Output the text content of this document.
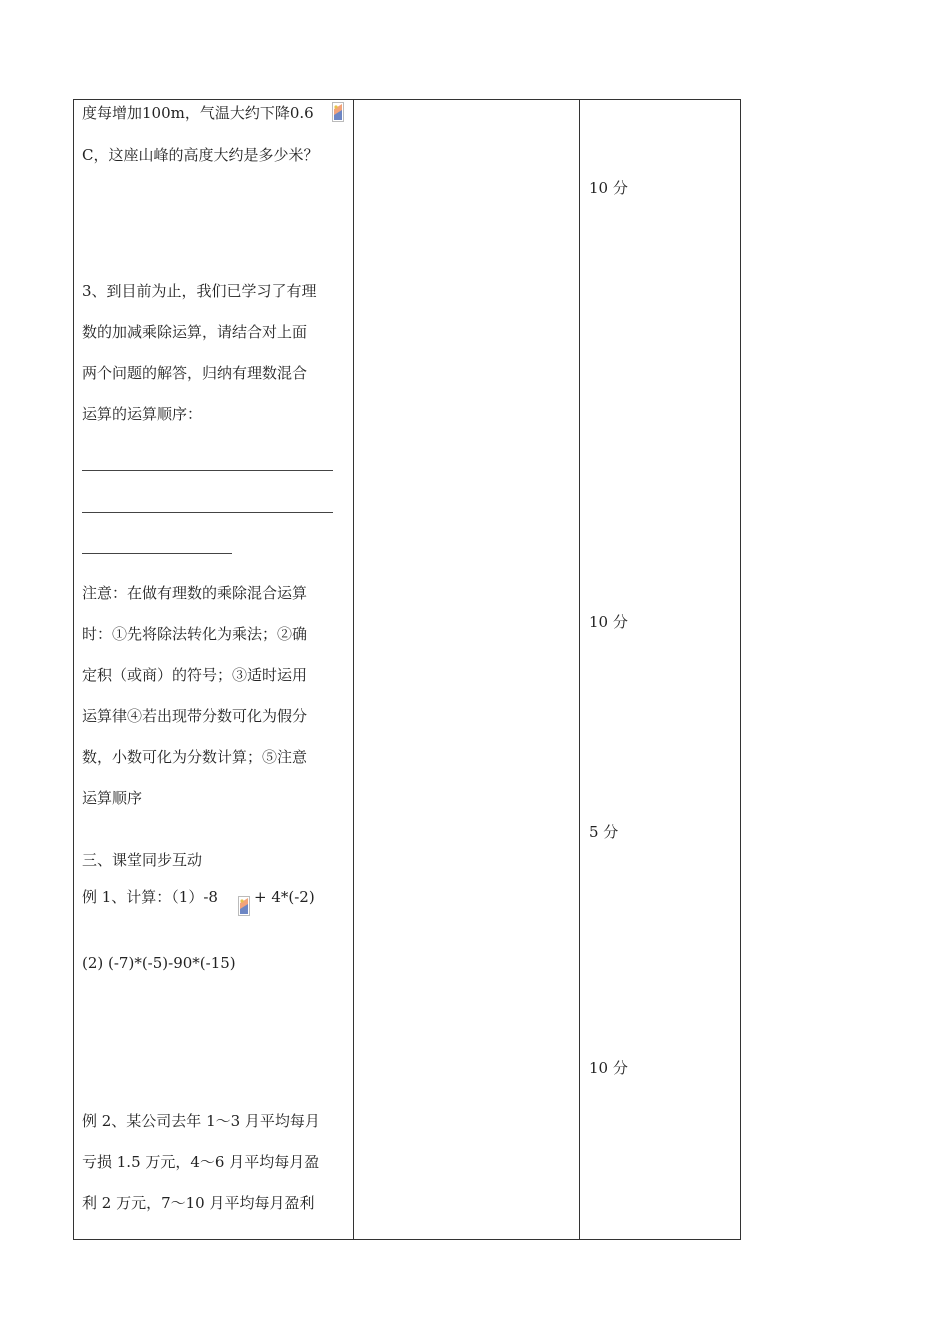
度每增加100m，气温大约下降0.6
C，这座山峰的高度大约是多少米？
3、到目前为止，我们已学习了有理
数的加减乘除运算，请结合对上面
两个问题的解答，归纳有理数混合
运算的运算顺序：
注意：在做有理数的乘除混合运算
时：①先将除法转化为乘法；②确
定积（或商）的符号；③适时运用
运算律④若出现带分数可化为假分
数，小数可化为分数计算；⑤注意
运算顺序
三、课堂同步互动
例 1、计算：（1）-8 + 4*(-2)
(2) (-7)*(-5)-90*(-15)
例 2、某公司去年 1～3 月平均每月
亏损 1.5 万元，4～6 月平均每月盈
利 2 万元，7～10 月平均每月盈利
10 分
10 分
5 分
10 分
